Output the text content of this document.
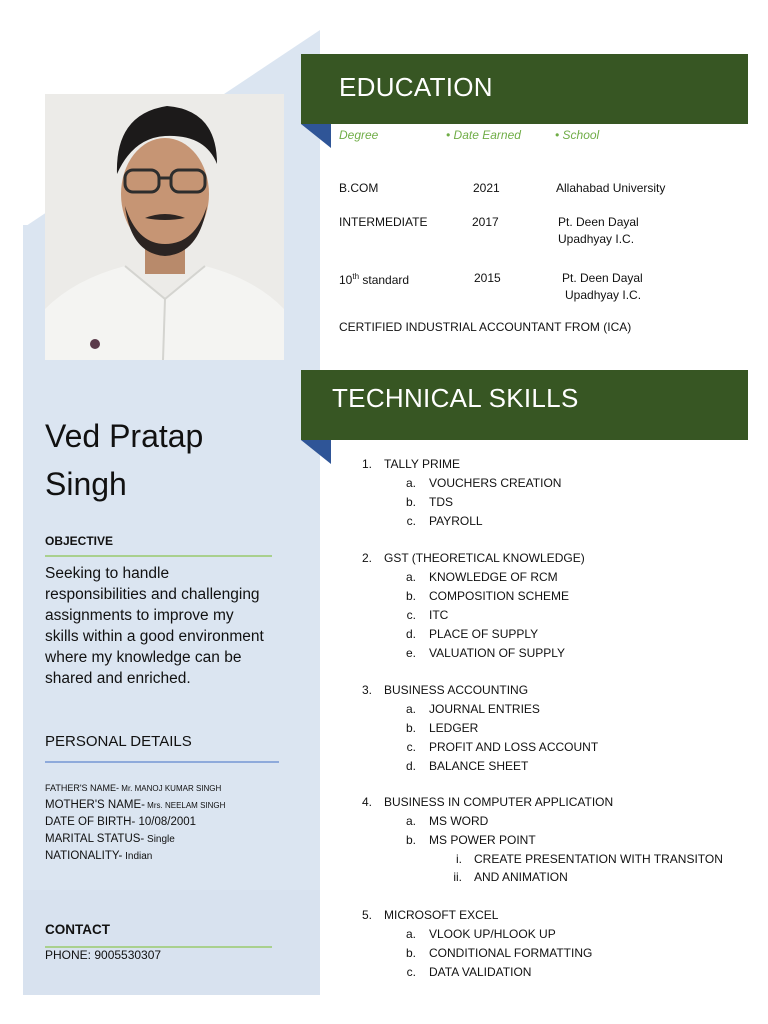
Ved Pratap
Singh
OBJECTIVE
Seeking to handle responsibilities and challenging assignments to improve my skills within a good environment where my knowledge can be shared and enriched.
PERSONAL DETAILS
FATHER'S NAME- Mr. MANOJ KUMAR SINGH
MOTHER'S NAME- Mrs. NEELAM SINGH
DATE OF BIRTH- 10/08/2001
MARITAL STATUS- Single
NATIONALITY- Indian
CONTACT
PHONE: 9005530307
EDUCATION
Degree	• Date Earned	• School
B.COM	2021	Allahabad University
INTERMEDIATE	2017	Pt. Deen Dayal
Upadhyay I.C.
10th standard	2015	Pt. Deen Dayal
Upadhyay I.C.
CERTIFIED INDUSTRIAL ACCOUNTANT FROM (ICA)
TECHNICAL SKILLS
1. TALLY PRIME
a. VOUCHERS CREATION
b. TDS
c. PAYROLL
2. GST (THEORETICAL KNOWLEDGE)
a. KNOWLEDGE OF RCM
b. COMPOSITION SCHEME
c. ITC
d. PLACE OF SUPPLY
e. VALUATION OF SUPPLY
3. BUSINESS ACCOUNTING
a. JOURNAL ENTRIES
b. LEDGER
c. PROFIT AND LOSS ACCOUNT
d. BALANCE SHEET
4. BUSINESS IN COMPUTER APPLICATION
a. MS WORD
b. MS POWER POINT
i. CREATE PRESENTATION WITH TRANSITON
ii. AND ANIMATION
5. MICROSOFT EXCEL
a. VLOOK UP/HLOOK UP
b. CONDITIONAL FORMATTING
c. DATA VALIDATION
